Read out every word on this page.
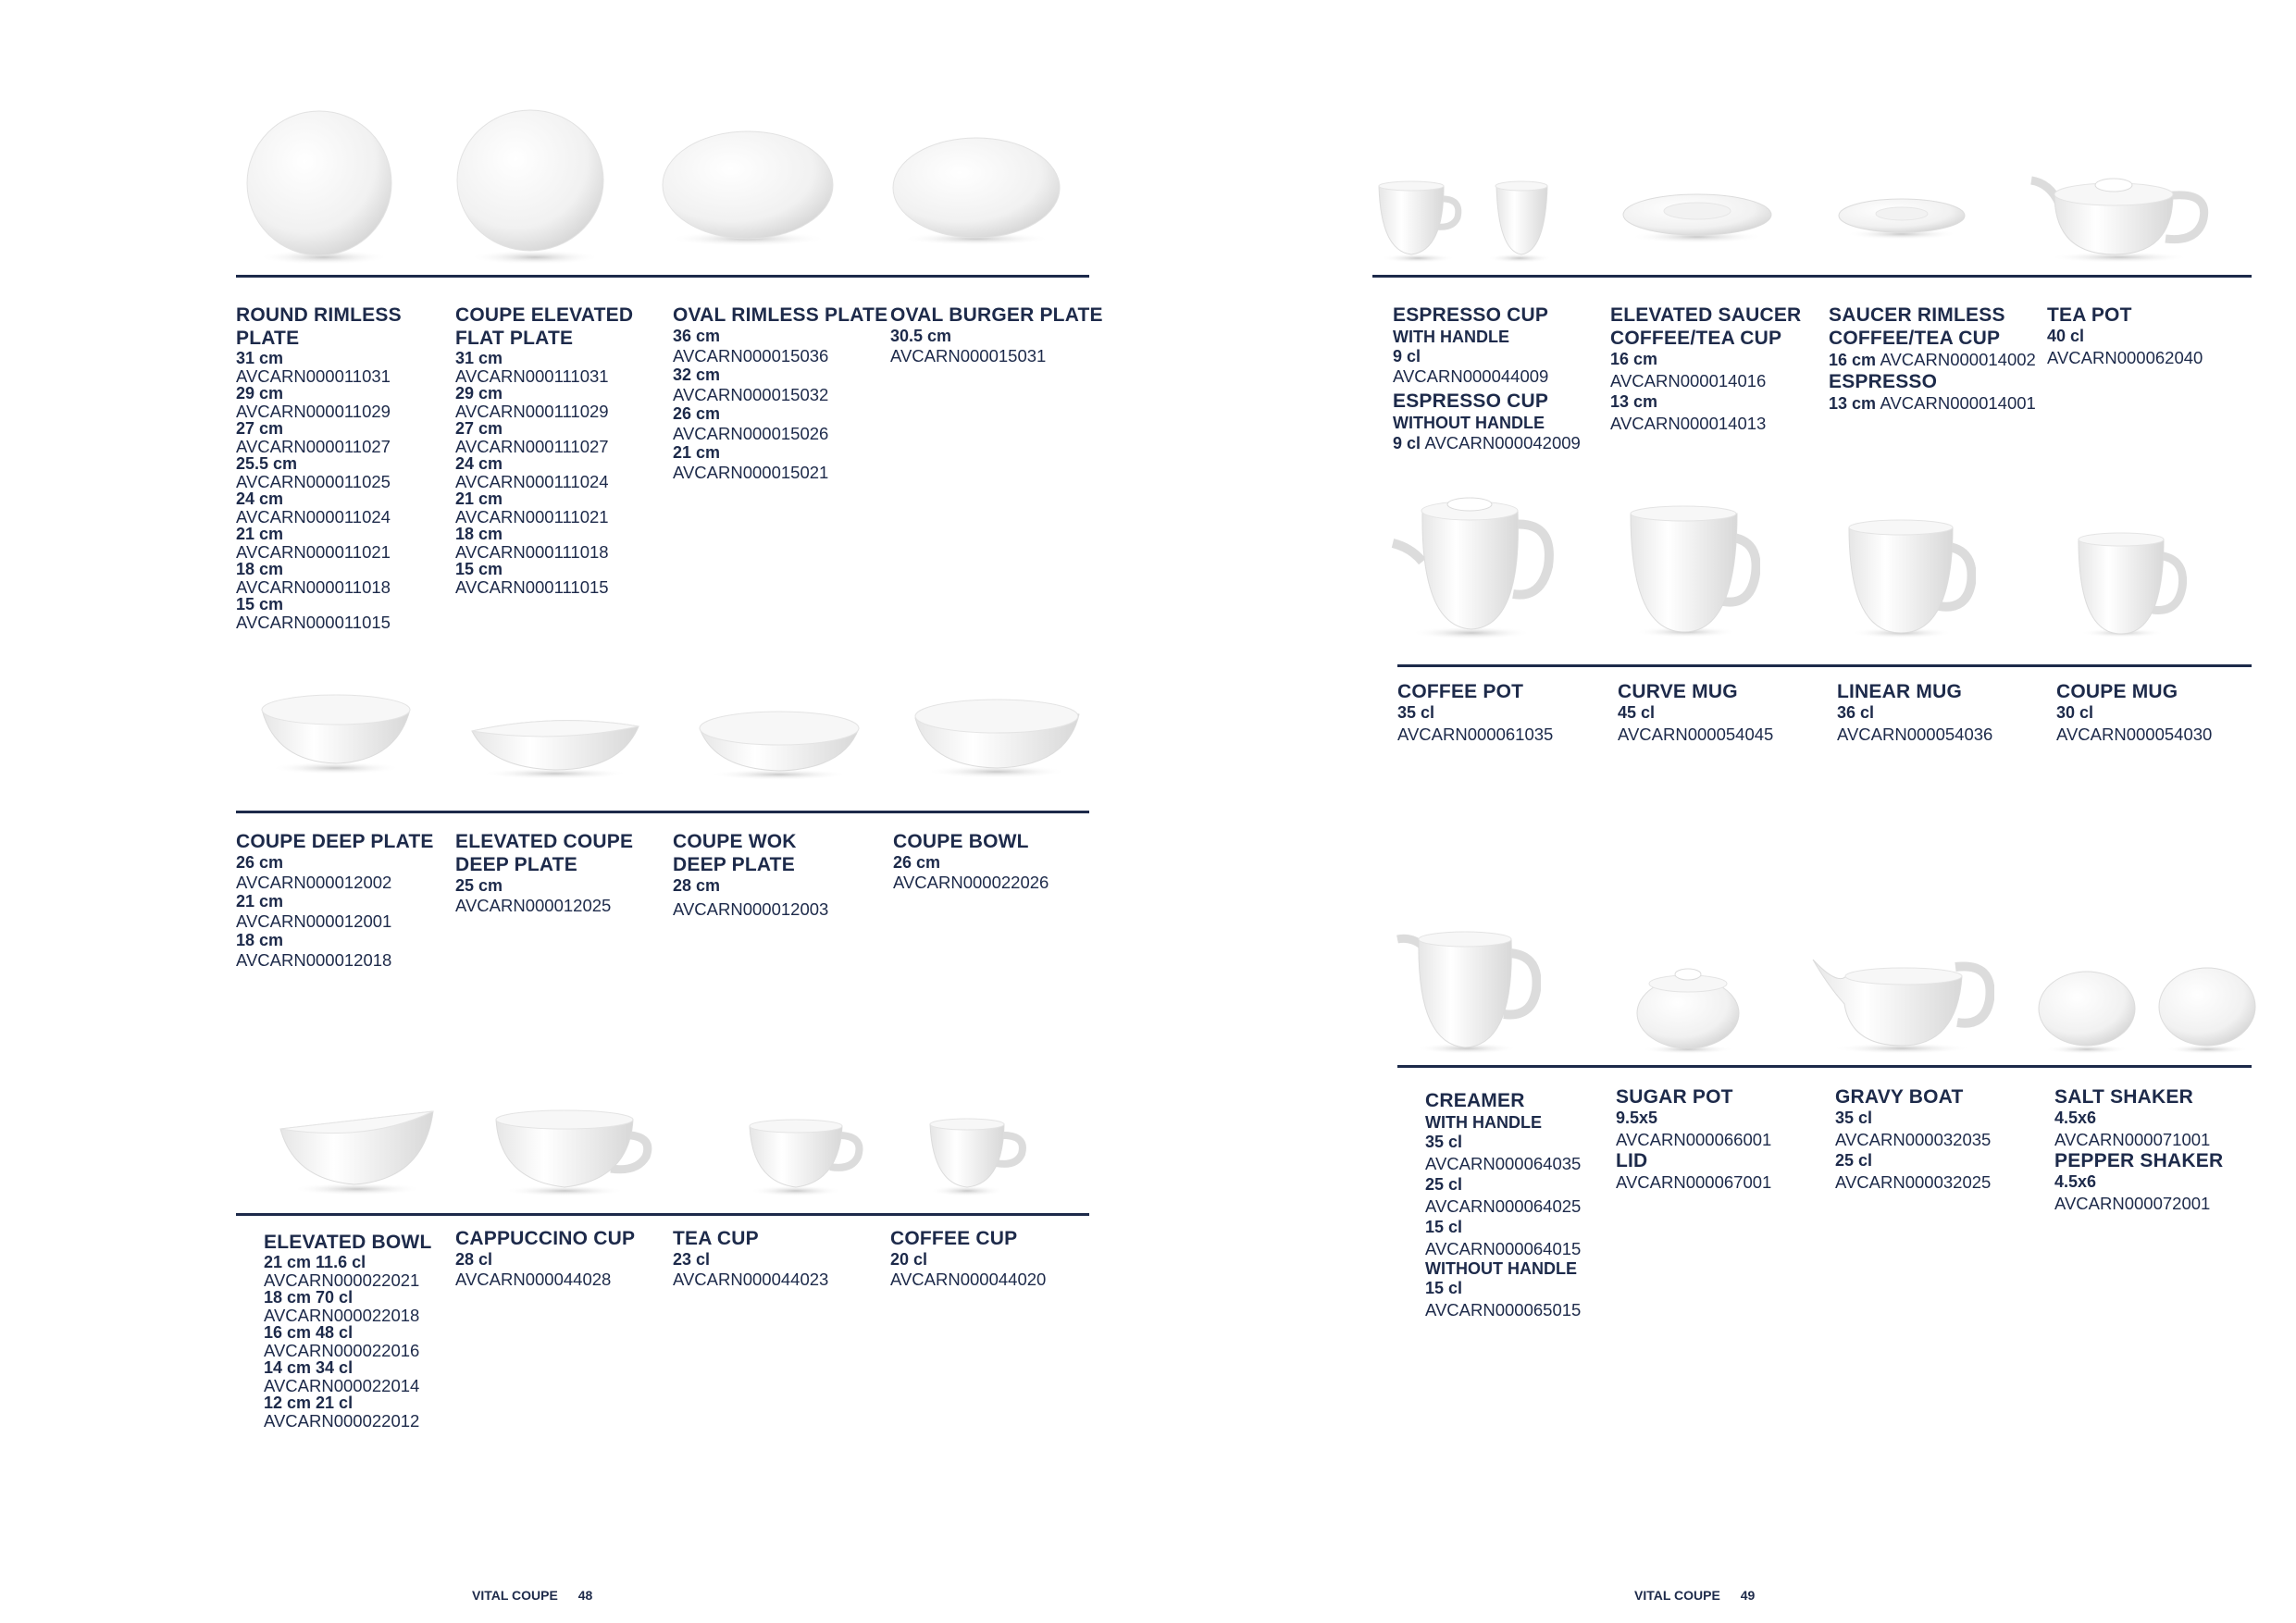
ROUND RIMLESS
PLATE
31 cm
AVCARN000011031
29 cm
AVCARN000011029
27 cm
AVCARN000011027
25.5 cm
AVCARN000011025
24 cm
AVCARN000011024
21 cm
AVCARN000011021
18 cm
AVCARN000011018
15 cm
AVCARN000011015
COUPE ELEVATED
FLAT PLATE
31 cm
AVCARN000111031
29 cm
AVCARN000111029
27 cm
AVCARN000111027
24 cm
AVCARN000111024
21 cm
AVCARN000111021
18 cm
AVCARN000111018
15 cm
AVCARN000111015
OVAL RIMLESS PLATE
36 cm
AVCARN000015036
32 cm
AVCARN000015032
26 cm
AVCARN000015026
21 cm
AVCARN000015021
OVAL BURGER PLATE
30.5 cm
AVCARN000015031
COUPE DEEP PLATE
26 cm
AVCARN000012002
21 cm
AVCARN000012001
18 cm
AVCARN000012018
ELEVATED COUPE
DEEP PLATE
25 cm
AVCARN000012025
COUPE WOK
DEEP PLATE
28 cm
AVCARN000012003
COUPE BOWL
26 cm
AVCARN000022026
ELEVATED BOWL
21 cm 11.6 cl
AVCARN000022021
18 cm 70 cl
AVCARN000022018
16 cm 48 cl
AVCARN000022016
14 cm 34 cl
AVCARN000022014
12 cm 21 cl
AVCARN000022012
CAPPUCCINO CUP
28 cl
AVCARN000044028
TEA CUP
23 cl
AVCARN000044023
COFFEE CUP
20 cl
AVCARN000044020
VITAL COUPE 48
ESPRESSO CUP
WITH HANDLE
9 cl
AVCARN000044009
ESPRESSO CUP
WITHOUT HANDLE
9 cl AVCARN000042009
ELEVATED SAUCER
COFFEE/TEA CUP
16 cm
AVCARN000014016
13 cm
AVCARN000014013
SAUCER RIMLESS
COFFEE/TEA CUP
16 cm AVCARN000014002
ESPRESSO
13 cm AVCARN000014001
TEA POT
40 cl
AVCARN000062040
COFFEE POT
35 cl
AVCARN000061035
CURVE MUG
45 cl
AVCARN000054045
LINEAR MUG
36 cl
AVCARN000054036
COUPE MUG
30 cl
AVCARN000054030
CREAMER
WITH HANDLE
35 cl
AVCARN000064035
25 cl
AVCARN000064025
15 cl
AVCARN000064015
WITHOUT HANDLE
15 cl
AVCARN000065015
SUGAR POT
9.5x5
AVCARN000066001
LID
AVCARN000067001
GRAVY BOAT
35 cl
AVCARN000032035
25 cl
AVCARN000032025
SALT SHAKER
4.5x6
AVCARN000071001
PEPPER SHAKER
4.5x6
AVCARN000072001
VITAL COUPE 49
